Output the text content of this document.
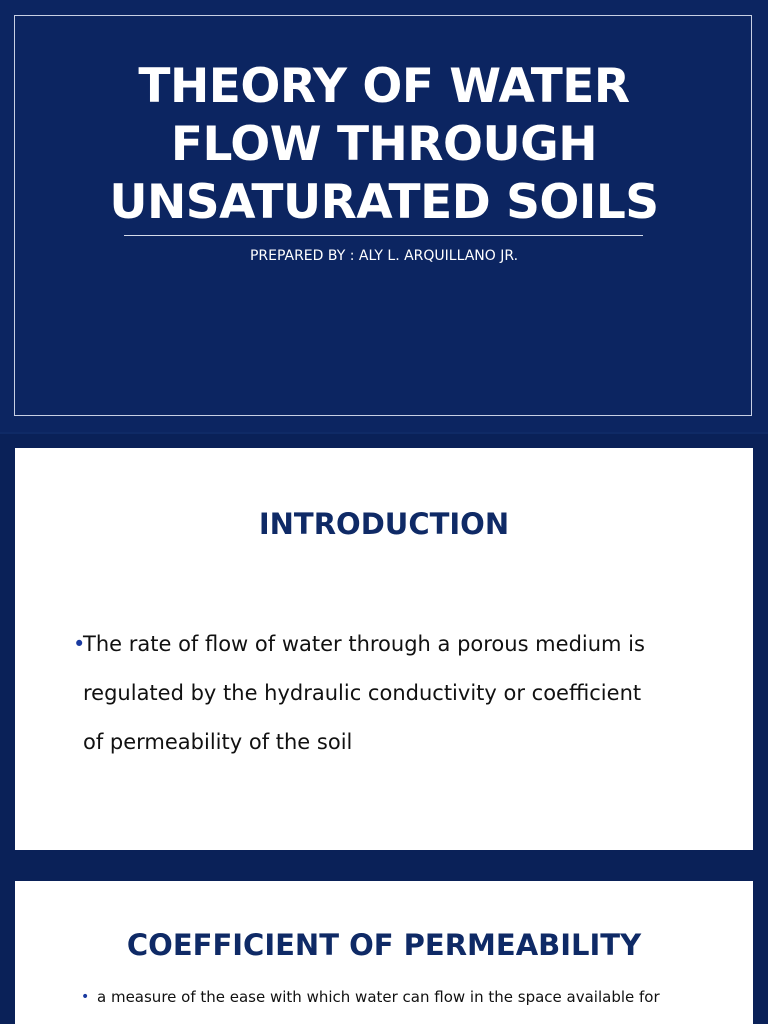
THEORY OF WATER
FLOW THROUGH
UNSATURATED SOILS
PREPARED BY : ALY L. ARQUILLANO JR.
INTRODUCTION
•
The rate of flow of water through a porous medium is
regulated by the hydraulic conductivity or coefficient
of permeability of the soil
COEFFICIENT OF PERMEABILITY
• a measure of the ease with which water can flow in the space available for
